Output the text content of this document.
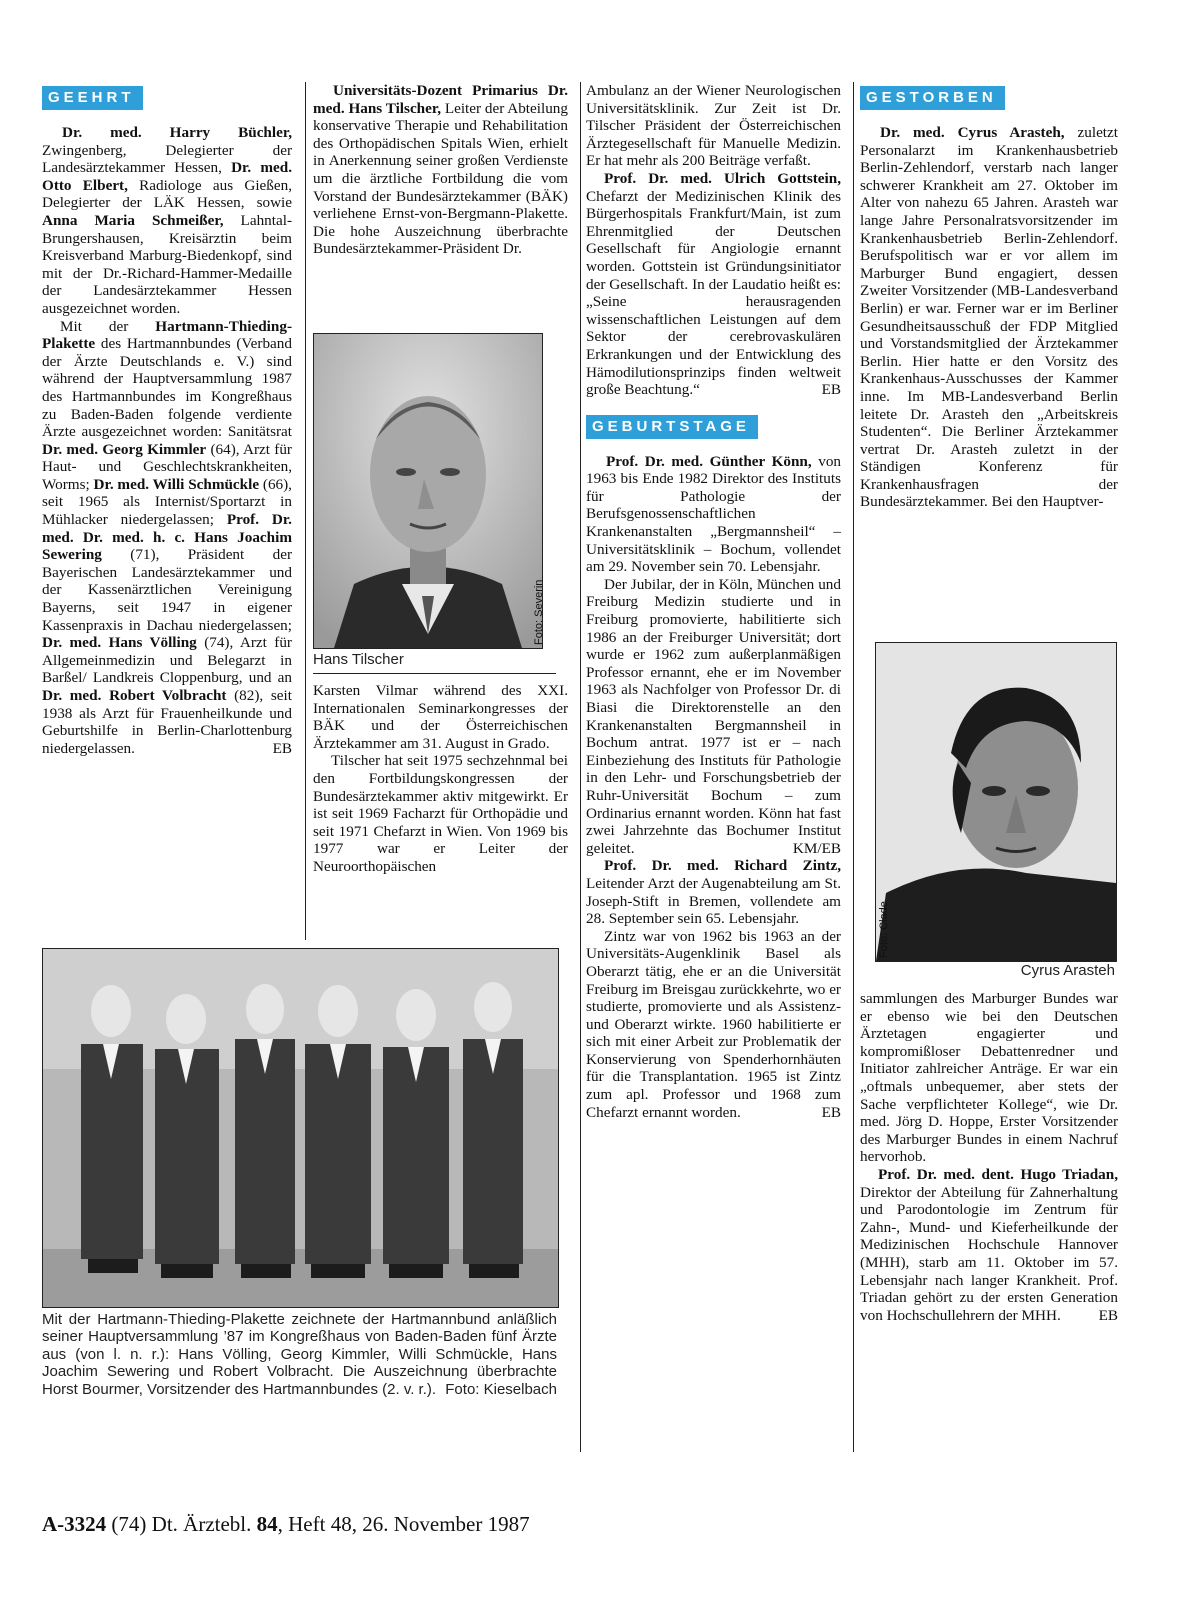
GEEHRT

Dr. med. Harry Büchler, Zwingenberg, Delegierter der Landesärztekammer Hessen, Dr. med. Otto Elbert, Radiologe aus Gießen, Delegierter der LÄK Hessen, sowie Anna Maria Schmeißer, Lahntal-Brungershausen, Kreisärztin beim Kreisverband Marburg-Biedenkopf, sind mit der Dr.-Richard-Hammer-Medaille der Landesärztekammer Hessen ausgezeichnet worden.

Mit der Hartmann-Thieding-Plakette des Hartmannbundes (Verband der Ärzte Deutschlands e. V.) sind während der Hauptversammlung 1987 des Hartmannbundes im Kongreßhaus zu Baden-Baden folgende verdiente Ärzte ausgezeichnet worden: Sanitätsrat Dr. med. Georg Kimmler (64), Arzt für Haut- und Geschlechtskrankheiten, Worms; Dr. med. Willi Schmückle (66), seit 1965 als Internist/Sportarzt in Mühlacker niedergelassen; Prof. Dr. med. Dr. med. h. c. Hans Joachim Sewering (71), Präsident der Bayerischen Landesärztekammer und der Kassenärztlichen Vereinigung Bayerns, seit 1947 in eigener Kassenpraxis in Dachau niedergelassen; Dr. med. Hans Völling (74), Arzt für Allgemeinmedizin und Belegarzt in Barßel/ Landkreis Cloppenburg, und an Dr. med. Robert Volbracht (82), seit 1938 als Arzt für Frauenheilkunde und Geburtshilfe in Berlin-Charlottenburg niedergelassen.	EB

Universitäts-Dozent Primarius Dr. med. Hans Tilscher, Leiter der Abteilung konservative Therapie und Rehabilitation des Orthopädischen Spitals Wien, erhielt in Anerkennung seiner großen Verdienste um die ärztliche Fortbildung die vom Vorstand der Bundesärztekammer (BÄK) verliehene Ernst-von-Bergmann-Plakette. Die hohe Auszeichnung überbrachte Bundesärztekammer-Präsident Dr.

Foto: Severin
Hans Tilscher

Karsten Vilmar während des XXI. Internationalen Seminarkongresses der BÄK und der Österreichischen Ärztekammer am 31. August in Grado.

Tilscher hat seit 1975 sechzehnmal bei den Fortbildungskongressen der Bundesärztekammer aktiv mitgewirkt. Er ist seit 1969 Facharzt für Orthopädie und seit 1971 Chefarzt in Wien. Von 1969 bis 1977 war er Leiter der Neuroorthopäischen

Mit der Hartmann-Thieding-Plakette zeichnete der Hartmannbund anläßlich seiner Hauptversammlung ’87 im Kongreßhaus von Baden-Baden fünf Ärzte aus (von l. n. r.): Hans Völling, Georg Kimmler, Willi Schmückle, Hans Joachim Sewering und Robert Volbracht. Die Auszeichnung überbrachte Horst Bourmer, Vorsitzender des Hartmannbundes (2. v. r.). Foto: Kieselbach

Ambulanz an der Wiener Neurologischen Universitätsklinik. Zur Zeit ist Dr. Tilscher Präsident der Österreichischen Ärztegesellschaft für Manuelle Medizin. Er hat mehr als 200 Beiträge verfaßt.

Prof. Dr. med. Ulrich Gottstein, Chefarzt der Medizinischen Klinik des Bürgerhospitals Frankfurt/Main, ist zum Ehrenmitglied der Deutschen Gesellschaft für Angiologie ernannt worden. Gottstein ist Gründungsinitiator der Gesellschaft. In der Laudatio heißt es: „Seine herausragenden wissenschaftlichen Leistungen auf dem Sektor der cerebrovaskulären Erkrankungen und der Entwicklung des Hämodilutionsprinzips finden weltweit große Beachtung.“	EB

GEBURTSTAGE

Prof. Dr. med. Günther Könn, von 1963 bis Ende 1982 Direktor des Instituts für Pathologie der Berufsgenossenschaftlichen Krankenanstalten „Bergmannsheil“ – Universitätsklinik – Bochum, vollendet am 29. November sein 70. Lebensjahr.

Der Jubilar, der in Köln, München und Freiburg Medizin studierte und in Freiburg promovierte, habilitierte sich 1986 an der Freiburger Universität; dort wurde er 1962 zum außerplanmäßigen Professor ernannt, ehe er im November 1963 als Nachfolger von Professor Dr. di Biasi die Direktorenstelle an den Krankenanstalten Bergmannsheil in Bochum antrat. 1977 ist er – nach Einbeziehung des Instituts für Pathologie in den Lehr- und Forschungsbetrieb der Ruhr-Universität Bochum – zum Ordinarius ernannt worden. Könn hat fast zwei Jahrzehnte das Bochumer Institut geleitet.	KM/EB

Prof. Dr. med. Richard Zintz, Leitender Arzt der Augenabteilung am St. Joseph-Stift in Bremen, vollendete am 28. September sein 65. Lebensjahr.

Zintz war von 1962 bis 1963 an der Universitäts-Augenklinik Basel als Oberarzt tätig, ehe er an die Universität Freiburg im Breisgau zurückkehrte, wo er studierte, promovierte und als Assistenz- und Oberarzt wirkte. 1960 habilitierte er sich mit einer Arbeit zur Problematik der Konservierung von Spenderhornhäuten für die Transplantation. 1965 ist Zintz zum apl. Professor und 1968 zum Chefarzt ernannt worden.	EB

GESTORBEN

Dr. med. Cyrus Arasteh, zuletzt Personalarzt im Krankenhausbetrieb Berlin-Zehlendorf, verstarb nach langer schwerer Krankheit am 27. Oktober im Alter von nahezu 65 Jahren. Arasteh war lange Jahre Personalratsvorsitzender im Krankenhausbetrieb Berlin-Zehlendorf. Berufspolitisch war er vor allem im Marburger Bund engagiert, dessen Zweiter Vorsitzender (MB-Landesverband Berlin) er war. Ferner war er im Berliner Gesundheitsausschuß der FDP Mitglied und Vorstandsmitglied der Ärztekammer Berlin. Hier hatte er den Vorsitz des Krankenhaus-Ausschusses der Kammer inne. Im MB-Landesverband Berlin leitete Dr. Arasteh den „Arbeitskreis Studenten“. Die Berliner Ärztekammer vertrat Dr. Arasteh zuletzt in der Ständigen Konferenz für Krankenhausfragen der Bundesärztekammer. Bei den Hauptver-

Foto: Clade
Cyrus Arasteh

sammlungen des Marburger Bundes war er ebenso wie bei den Deutschen Ärztetagen engagierter und kompromißloser Debattenredner und Initiator zahlreicher Anträge. Er war ein „oftmals unbequemer, aber stets der Sache verpflichteter Kollege“, wie Dr. med. Jörg D. Hoppe, Erster Vorsitzender des Marburger Bundes in einem Nachruf hervorhob.

Prof. Dr. med. dent. Hugo Triadan, Direktor der Abteilung für Zahnerhaltung und Parodontologie im Zentrum für Zahn-, Mund- und Kieferheilkunde der Medizinischen Hochschule Hannover (MHH), starb am 11. Oktober im 57. Lebensjahr nach langer Krankheit. Prof. Triadan gehört zu der ersten Generation von Hochschullehrern der MHH.	EB

A-3324 (74) Dt. Ärztebl. 84, Heft 48, 26. November 1987
